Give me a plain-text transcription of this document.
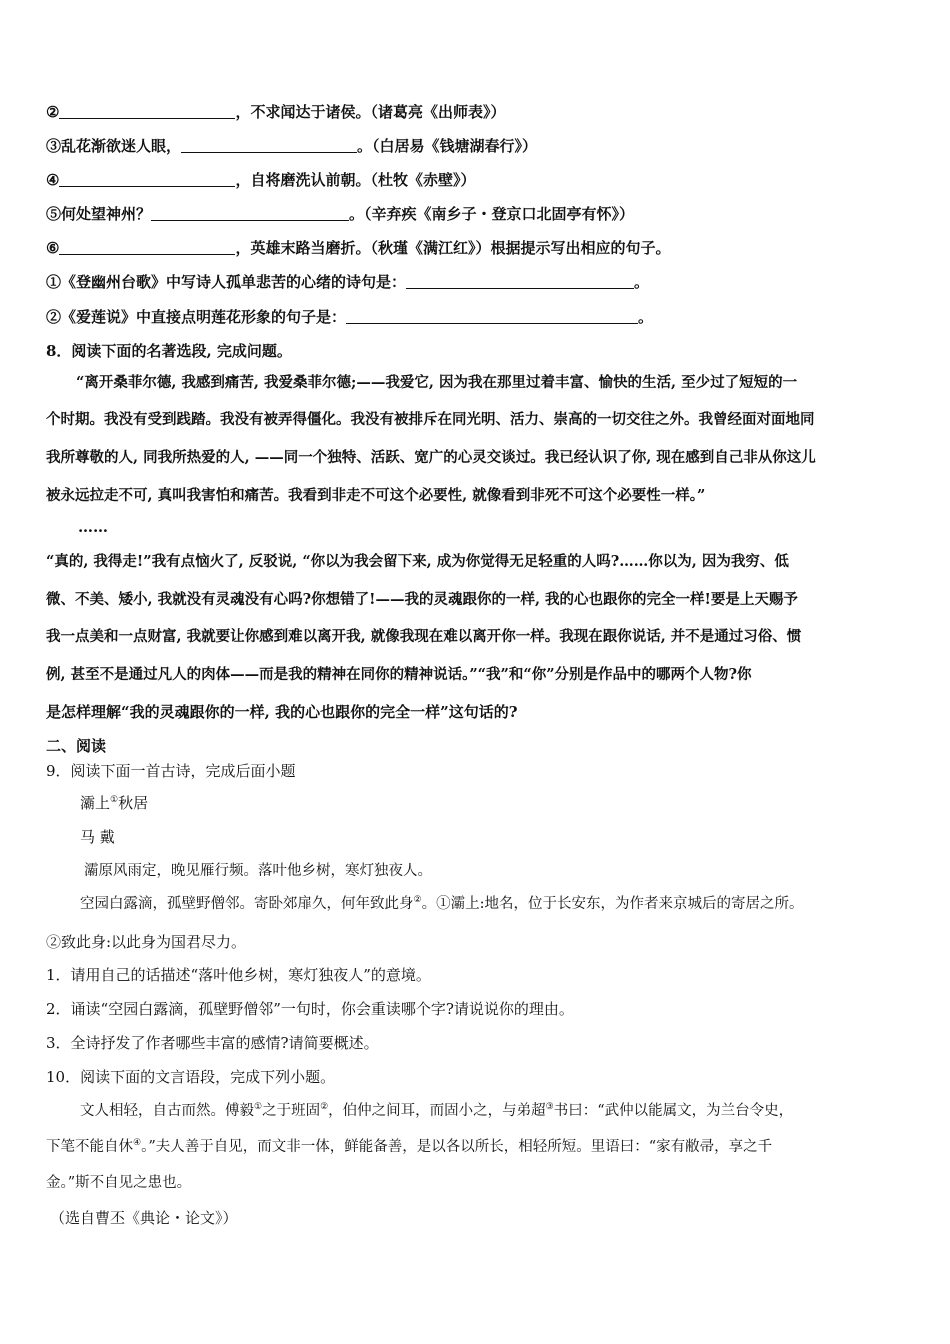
②	，不求闻达于诸侯。（诸葛亮《出师表》）
③乱花渐欲迷人眼，	。（白居易《钱塘湖春行》）
④	，自将磨洗认前朝。（杜牧《赤壁》）
⑤何处望神州？	。（辛弃疾《南乡子・登京口北固亭有怀》）
⑥	，英雄末路当磨折。（秋瑾《满江红》）根据提示写出相应的句子。
①《登幽州台歌》中写诗人孤单悲苦的心绪的诗句是：	。
②《爱莲说》中直接点明莲花形象的句子是：	。
8．阅读下面的名著选段, 完成问题。
“离开桑菲尔德, 我感到痛苦, 我爱桑菲尔德;——我爱它, 因为我在那里过着丰富、愉快的生活, 至少过了短短的一
个时期。我没有受到践踏。我没有被弄得僵化。我没有被排斥在同光明、活力、崇高的一切交往之外。我曾经面对面地同
我所尊敬的人, 同我所热爱的人, ——同一个独特、活跃、宽广的心灵交谈过。我已经认识了你, 现在感到自己非从你这儿
被永远拉走不可, 真叫我害怕和痛苦。我看到非走不可这个必要性, 就像看到非死不可这个必要性一样。”
……
“真的, 我得走!”我有点恼火了, 反驳说, “你以为我会留下来, 成为你觉得无足轻重的人吗?……你以为, 因为我穷、低
微、不美、矮小, 我就没有灵魂没有心吗?你想错了!——我的灵魂跟你的一样, 我的心也跟你的完全一样!要是上天赐予
我一点美和一点财富, 我就要让你感到难以离开我, 就像我现在难以离开你一样。我现在跟你说话, 并不是通过习俗、惯
例, 甚至不是通过凡人的肉体——而是我的精神在同你的精神说话。”“我”和“你”分别是作品中的哪两个人物?你
是怎样理解“我的灵魂跟你的一样, 我的心也跟你的完全一样”这句话的?
二、阅读
9．阅读下面一首古诗，完成后面小题
灞上①秋居
马 戴
灞原风雨定，晚见雁行频。落叶他乡树，寒灯独夜人。
空园白露滴，孤壁野僧邻。寄卧郊扉久，何年致此身②。①灞上:地名，位于长安东，为作者来京城后的寄居之所。
②致此身:以此身为国君尽力。
1．请用自己的话描述“落叶他乡树，寒灯独夜人”的意境。
2．诵读“空园白露滴，孤壁野僧邻”一句时，你会重读哪个字?请说说你的理由。
3．全诗抒发了作者哪些丰富的感情?请简要概述。
10．阅读下面的文言语段，完成下列小题。
文人相轻，自古而然。傅毅①之于班固②，伯仲之间耳，而固小之，与弟超③书曰：“武仲以能属文，为兰台令史，
下笔不能自休④。”夫人善于自见，而文非一体，鲜能备善，是以各以所长，相轻所短。里语曰：“家有敝帚，享之千
金。”斯不自见之患也。
（选自曹丕《典论・论文》）
